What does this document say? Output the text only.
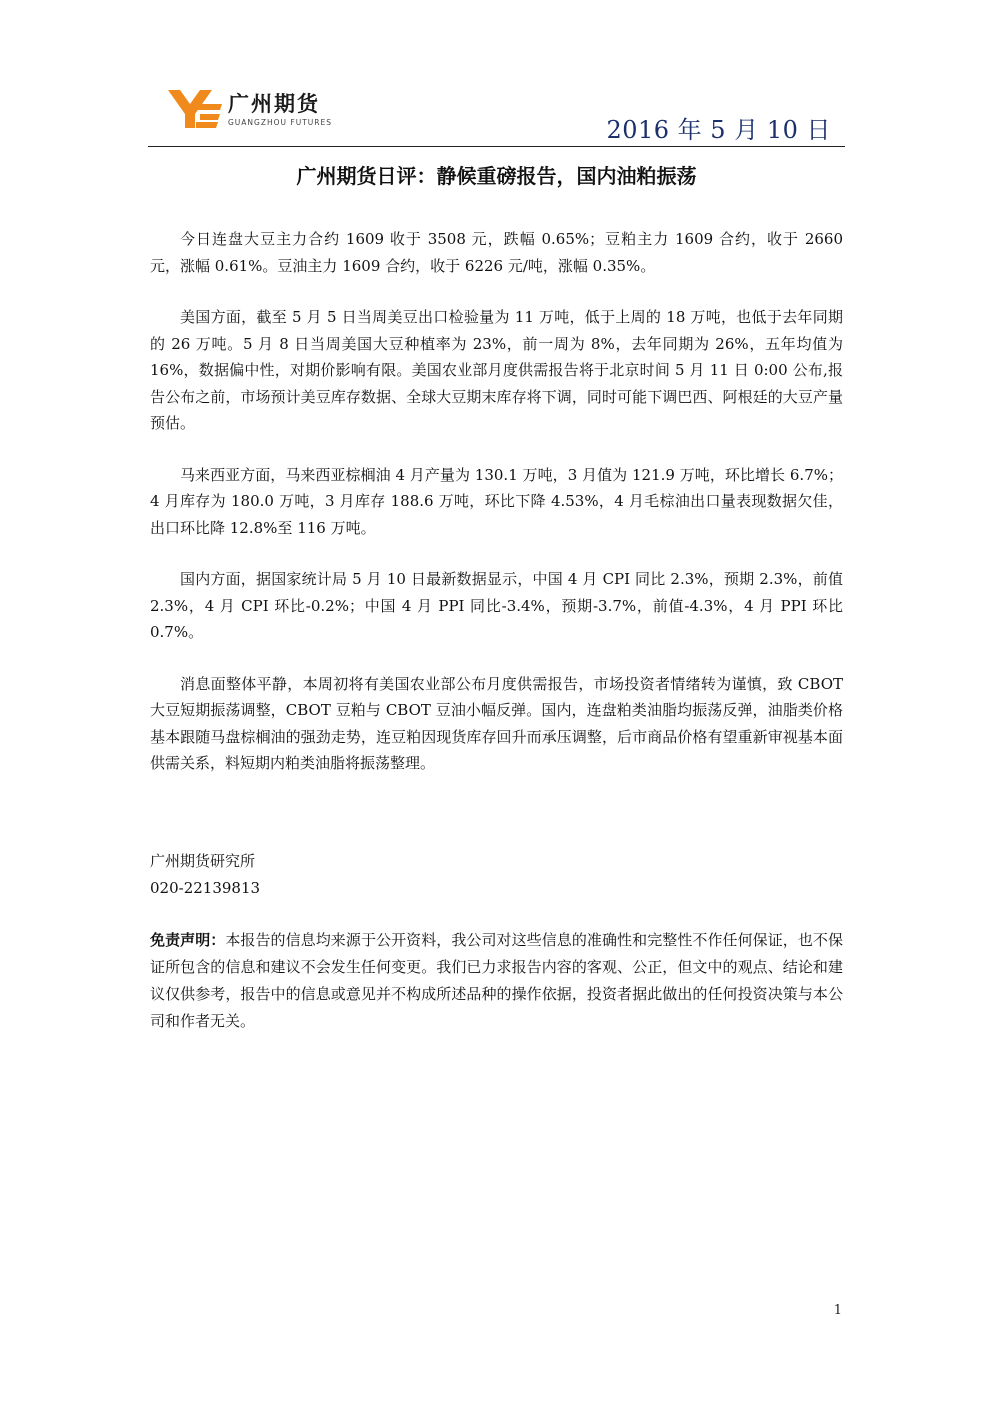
广州期货
GUANGZHOU FUTURES	2016 年 5 月 10 日
广州期货日评：静候重磅报告，国内油粕振荡

今日连盘大豆主力合约 1609 收于 3508 元，跌幅 0.65%；豆粕主力 1609 合约，收于 2660 元，涨幅 0.61%。豆油主力 1609 合约，收于 6226 元/吨，涨幅 0.35%。

美国方面，截至 5 月 5 日当周美豆出口检验量为 11 万吨，低于上周的 18 万吨，也低于去年同期的 26 万吨。5 月 8 日当周美国大豆种植率为 23%，前一周为 8%，去年同期为 26%，五年均值为 16%，数据偏中性，对期价影响有限。美国农业部月度供需报告将于北京时间 5 月 11 日 0:00 公布,报告公布之前，市场预计美豆库存数据、全球大豆期末库存将下调，同时可能下调巴西、阿根廷的大豆产量预估。

马来西亚方面，马来西亚棕榈油 4 月产量为 130.1 万吨，3 月值为 121.9 万吨，环比增长 6.7%；4 月库存为 180.0 万吨，3 月库存 188.6 万吨，环比下降 4.53%，4 月毛棕油出口量表现数据欠佳，出口环比降 12.8%至 116 万吨。

国内方面，据国家统计局 5 月 10 日最新数据显示，中国 4 月 CPI 同比 2.3%，预期 2.3%，前值 2.3%，4 月 CPI 环比-0.2%；中国 4 月 PPI 同比-3.4%，预期-3.7%，前值-4.3%，4 月 PPI 环比 0.7%。

消息面整体平静，本周初将有美国农业部公布月度供需报告，市场投资者情绪转为谨慎，致 CBOT 大豆短期振荡调整，CBOT 豆粕与 CBOT 豆油小幅反弹。国内，连盘粕类油脂均振荡反弹，油脂类价格基本跟随马盘棕榈油的强劲走势，连豆粕因现货库存回升而承压调整，后市商品价格有望重新审视基本面供需关系，料短期内粕类油脂将振荡整理。

广州期货研究所
020-22139813
免责声明：本报告的信息均来源于公开资料，我公司对这些信息的准确性和完整性不作任何保证，也不保证所包含的信息和建议不会发生任何变更。我们已力求报告内容的客观、公正，但文中的观点、结论和建议仅供参考，报告中的信息或意见并不构成所述品种的操作依据，投资者据此做出的任何投资决策与本公司和作者无关。
1
